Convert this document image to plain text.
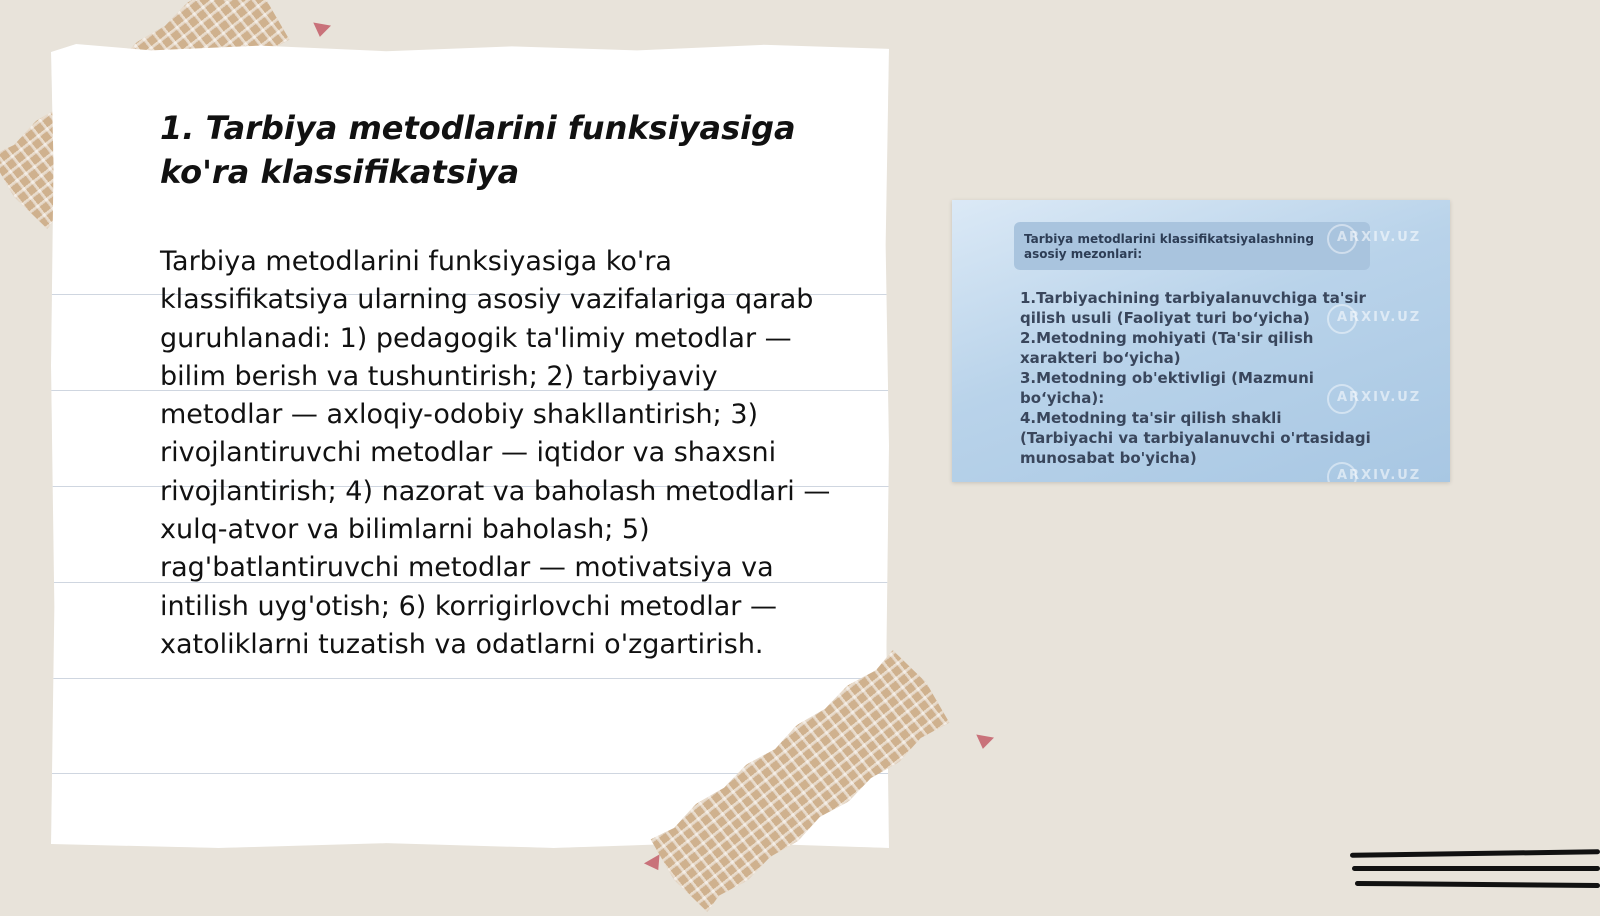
1. Tarbiya metodlarini funksiyasiga ko'ra klassifikatsiya

Tarbiya metodlarini funksiyasiga ko'ra klassifikatsiya ularning asosiy vazifalariga qarab guruhlanadi: 1) pedagogik ta'limiy metodlar — bilim berish va tushuntirish; 2) tarbiyaviy metodlar — axloqiy-odobiy shakllantirish; 3) rivojlantiruvchi metodlar — iqtidor va shaxsni rivojlantirish; 4) nazorat va baholash metodlari — xulq-atvor va bilimlarni baholash; 5) rag'batlantiruvchi metodlar — motivatsiya va intilish uyg'otish; 6) korrigirlovchi metodlar — xatoliklarni tuzatish va odatlarni o'zgartirish.

Tarbiya metodlarini klassifikatsiyalashning asosiy mezonlari:

1.Tarbiyachining tarbiyalanuvchiga ta'sir qilish usuli (Faoliyat turi bo‘yicha)
2.Metodning mohiyati (Ta'sir qilish xarakteri bo‘yicha)
3.Metodning ob'ektivligi (Mazmuni bo‘yicha):
4.Metodning ta'sir qilish shakli (Tarbiyachi va tarbiyalanuvchi o'rtasidagi munosabat bo'yicha)
ARXIV.UZ
ARXIV.UZ
ARXIV.UZ
ARXIV.UZ
